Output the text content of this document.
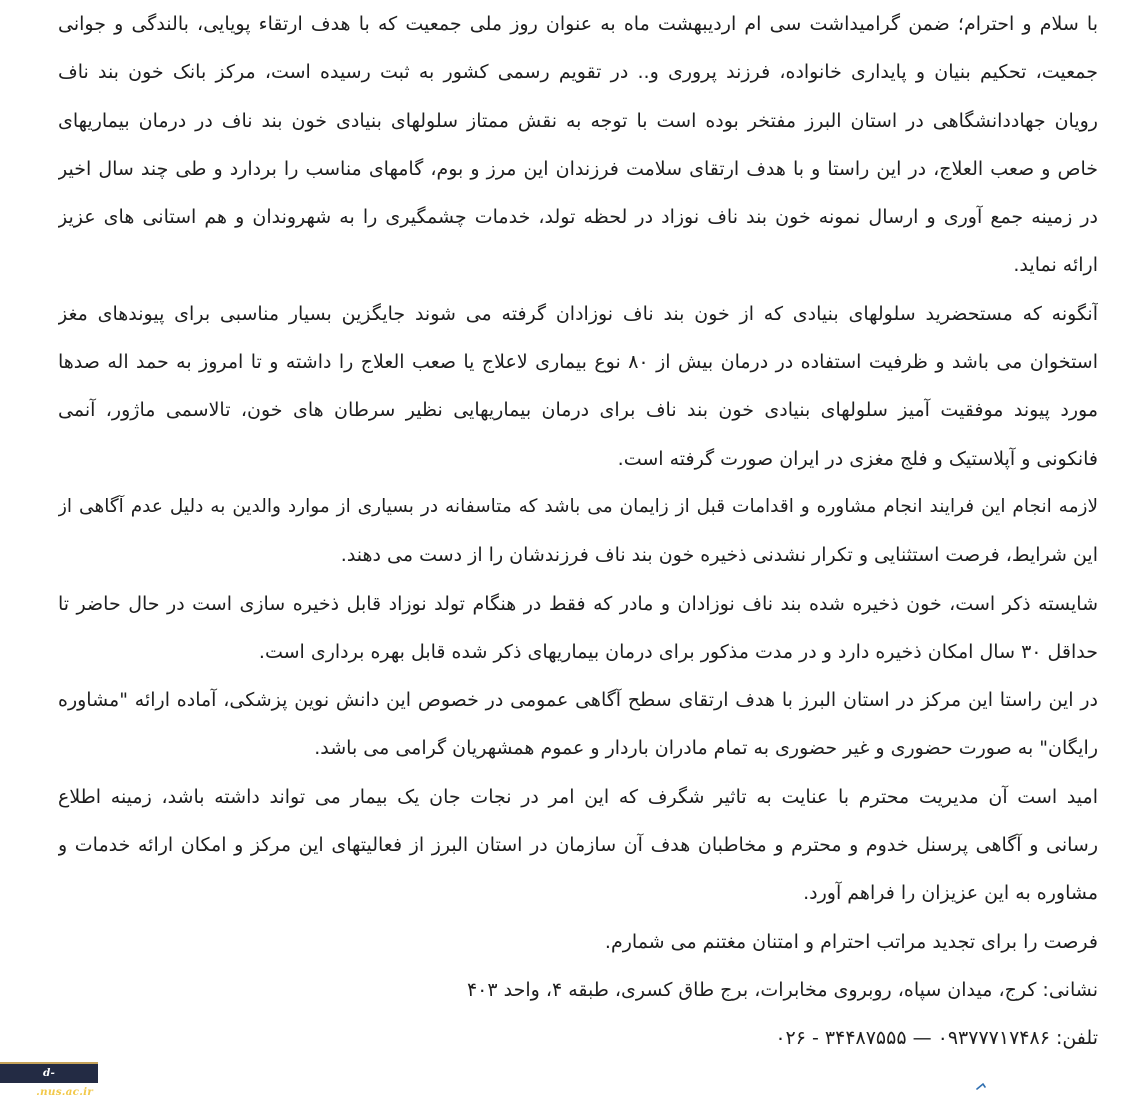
با سلام و احترام؛ ضمن گرامیداشت سی ام اردیبهشت ماه به عنوان روز ملی جمعیت که با هدف ارتقاء پویایی، بالندگی و جوانی
جمعیت، تحکیم بنیان و پایداری خانواده، فرزند پروری و.. در تقویم رسمی کشور به ثبت رسیده است، مرکز بانک خون بند ناف
رویان جهاددانشگاهی در استان البرز مفتخر بوده است با توجه به نقش ممتاز سلولهای بنیادی خون بند ناف در درمان بیماریهای
خاص و صعب العلاج، در این راستا و با هدف ارتقای سلامت فرزندان این مرز و بوم، گامهای مناسب را بردارد و طی چند سال اخیر
در زمینه جمع آوری و ارسال نمونه خون بند ناف نوزاد در لحظه تولد، خدمات چشمگیری را به شهروندان و هم استانی های عزیز
ارائه نماید.
آنگونه که مستحضرید سلولهای بنیادی که از خون بند ناف نوزادان گرفته می شوند جایگزین بسیار مناسبی برای پیوندهای مغز
استخوان می باشد و ظرفیت استفاده در درمان بیش از ۸۰ نوع بیماری لاعلاج یا صعب العلاج را داشته و تا امروز به حمد اله صدها
مورد پیوند موفقیت آمیز سلولهای بنیادی خون بند ناف برای درمان بیماریهایی نظیر سرطان های خون، تالاسمی ماژور، آنمی
فانکونی و آپلاستیک و فلج مغزی در ایران صورت گرفته است.
لازمه انجام این فرایند انجام مشاوره و اقدامات قبل از زایمان می باشد که متاسفانه در بسیاری از موارد والدین به دلیل عدم آگاهی از
این شرایط، فرصت استثنایی و تکرار نشدنی ذخیره خون بند ناف فرزندشان را از دست می دهند.
شایسته ذکر است، خون ذخیره شده بند ناف نوزادان و مادر که فقط در هنگام تولد نوزاد قابل ذخیره سازی است در حال حاضر تا
حداقل ۳۰ سال امکان ذخیره دارد و در مدت مذکور برای درمان بیماریهای ذکر شده قابل بهره برداری است.
در این راستا این مرکز در استان البرز با هدف ارتقای سطح آگاهی عمومی در خصوص این دانش نوین پزشکی، آماده ارائه "مشاوره
رایگان" به صورت حضوری و غیر حضوری به تمام مادران باردار و عموم همشهریان گرامی می باشد.
امید است آن مدیریت محترم با عنایت به تاثیر شگرف که این امر در نجات جان یک بیمار می تواند داشته باشد، زمینه اطلاع
رسانی و آگاهی پرسنل خدوم و محترم و مخاطبان هدف آن سازمان در استان البرز از فعالیتهای این مرکز و امکان ارائه خدمات و
مشاوره به این عزیزان را فراهم آورد.
فرصت را برای تجدید مراتب احترام و امتنان مغتنم می شمارم.
نشانی: کرج، میدان سپاه، روبروی مخابرات، برج طاق کسری، طبقه ۴، واحد ۴۰۳
تلفن: ۰۹۳۷۷۷۱۷۴۸۶ — ۳۴۴۸۷۵۵۵ - ۰۲۶
d-karaj.nus.ac.ir
